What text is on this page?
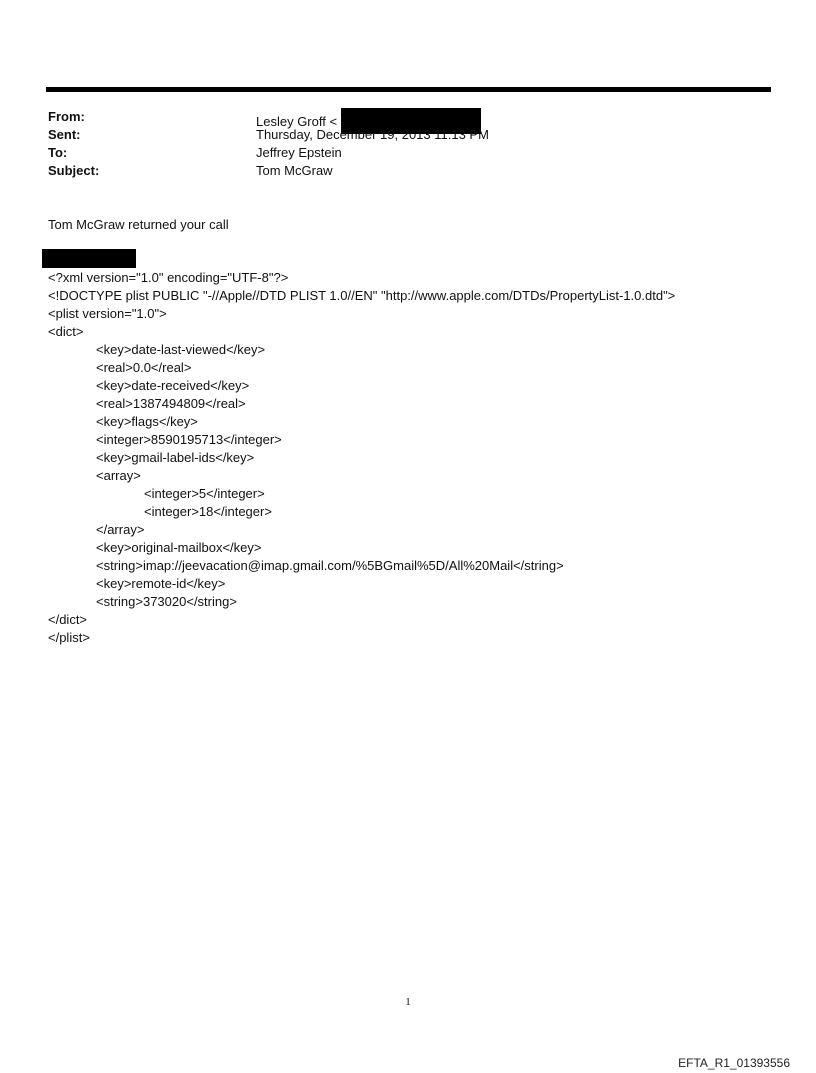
From:	Lesley Groff <
Sent:	Thursday, December 19, 2013 11:13 PM
To:	Jeffrey Epstein
Subject:	Tom McGraw
Tom McGraw returned your call
<?xml version="1.0" encoding="UTF-8"?>
<!DOCTYPE plist PUBLIC "-//Apple//DTD PLIST 1.0//EN" "http://www.apple.com/DTDs/PropertyList-1.0.dtd">
<plist version="1.0">
<dict>
<key>date-last-viewed</key>
<real>0.0</real>
<key>date-received</key>
<real>1387494809</real>
<key>flags</key>
<integer>8590195713</integer>
<key>gmail-label-ids</key>
<array>
<integer>5</integer>
<integer>18</integer>
</array>
<key>original-mailbox</key>
<string>imap://jeevacation@imap.gmail.com/%5BGmail%5D/All%20Mail</string>
<key>remote-id</key>
<string>373020</string>
</dict>
</plist>
1
EFTA_R1_01393556
